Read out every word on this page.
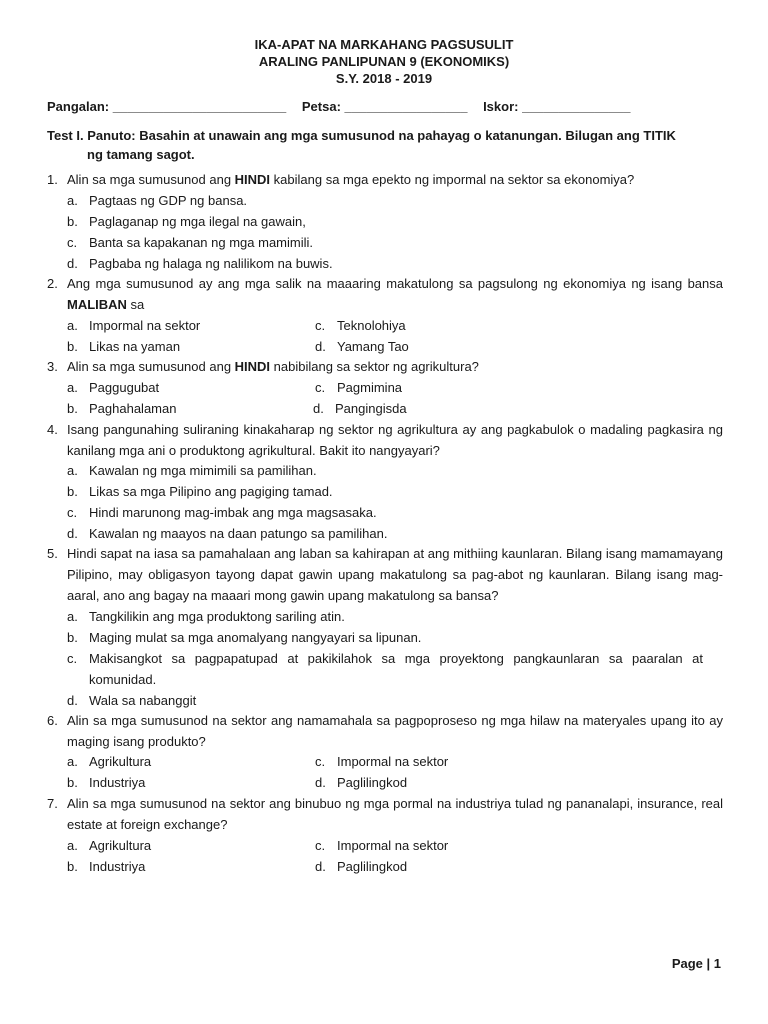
IKA-APAT NA MARKAHANG PAGSUSULIT
ARALING PANLIPUNAN 9 (EKONOMIKS)
S.Y. 2018 - 2019
Pangalan: ________________________ Petsa: _________________ Iskor: _______________
Test I. Panuto: Basahin at unawain ang mga sumusunod na pahayag o katanungan. Bilugan ang TITIK
ng tamang sagot.
1. Alin sa mga sumusunod ang HINDI kabilang sa mga epekto ng impormal na sektor sa ekonomiya?
a. Pagtaas ng GDP ng bansa.
b. Paglaganap ng mga ilegal na gawain,
c. Banta sa kapakanan ng mga mamimili.
d. Pagbaba ng halaga ng nalilikom na buwis.
2. Ang mga sumusunod ay ang mga salik na maaaring makatulong sa pagsulong ng ekonomiya ng isang bansa MALIBAN sa
a. Impormal na sektor
b. Likas na yaman
c. Teknolohiya
d. Yamang Tao
3. Alin sa mga sumusunod ang HINDI nabibilang sa sektor ng agrikultura?
a. Paggugubat
b. Paghahalaman
c. Pagmimina
d. Pangingisda
4. Isang pangunahing suliraning kinakaharap ng sektor ng agrikultura ay ang pagkabulok o madaling pagkasira ng kanilang mga ani o produktong agrikultural. Bakit ito nangyayari?
a. Kawalan ng mga mimimili sa pamilihan.
b. Likas sa mga Pilipino ang pagiging tamad.
c. Hindi marunong mag-imbak ang mga magsasaka.
d. Kawalan ng maayos na daan patungo sa pamilihan.
5. Hindi sapat na iasa sa pamahalaan ang laban sa kahirapan at ang mithiing kaunlaran. Bilang isang mamamayang Pilipino, may obligasyon tayong dapat gawin upang makatulong sa pag-abot ng kaunlaran. Bilang isang mag-aaral, ano ang bagay na maaari mong gawin upang makatulong sa bansa?
a. Tangkilikin ang mga produktong sariling atin.
b. Maging mulat sa mga anomalyang nangyayari sa lipunan.
c. Makisangkot sa pagpapatupad at pakikilahok sa mga proyektong pangkaunlaran sa paaralan at komunidad.
d. Wala sa nabanggit
6. Alin sa mga sumusunod na sektor ang namamahala sa pagpoproseso ng mga hilaw na materyales upang ito ay maging isang produkto?
a. Agrikultura
b. Industriya
c. Impormal na sektor
d. Paglilingkod
7. Alin sa mga sumusunod na sektor ang binubuo ng mga pormal na industriya tulad ng pananalapi, insurance, real estate at foreign exchange?
a. Agrikultura
b. Industriya
c. Impormal na sektor
d. Paglilingkod
Page | 1
